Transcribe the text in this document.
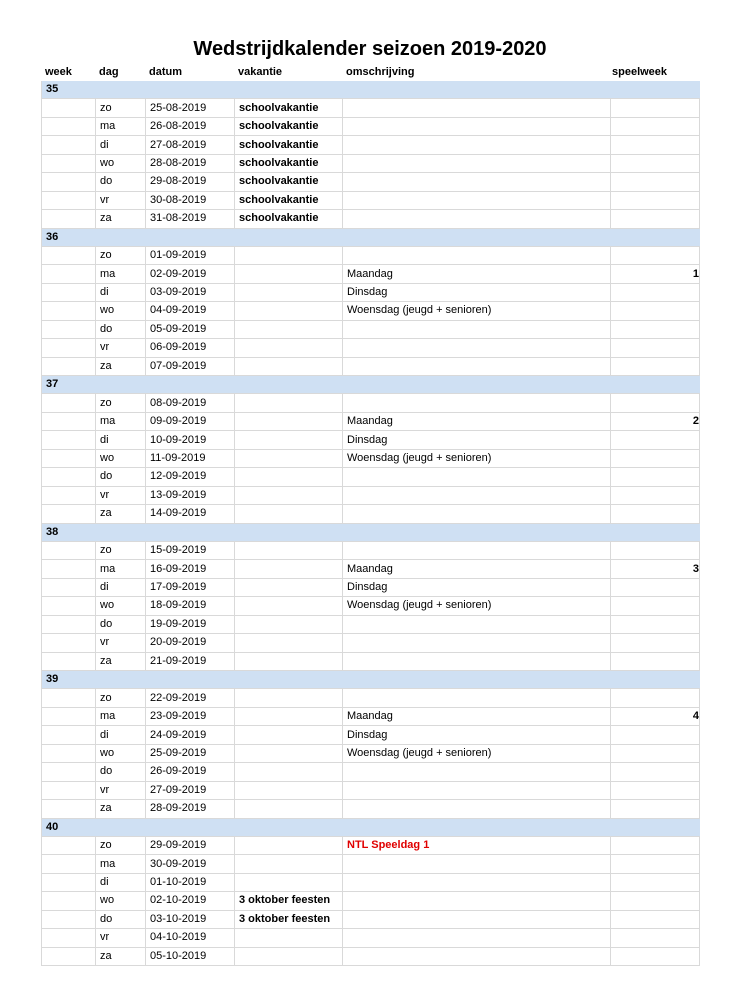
Wedstrijdkalender seizoen 2019-2020
week dag	datum	vakantie	omschrijving	speelweek
35					
	zo	25-08-2019	schoolvakantie		
	ma	26-08-2019	schoolvakantie		
	di	27-08-2019	schoolvakantie		
	wo	28-08-2019	schoolvakantie		
	do	29-08-2019	schoolvakantie		
	vr	30-08-2019	schoolvakantie		
	za	31-08-2019	schoolvakantie		
36					
	zo	01-09-2019			
	ma	02-09-2019		Maandag	1
	di	03-09-2019		Dinsdag	
	wo	04-09-2019		Woensdag (jeugd + senioren)	
	do	05-09-2019			
	vr	06-09-2019			
	za	07-09-2019			
37					
	zo	08-09-2019			
	ma	09-09-2019		Maandag	2
	di	10-09-2019		Dinsdag	
	wo	11-09-2019		Woensdag (jeugd + senioren)	
	do	12-09-2019			
	vr	13-09-2019			
	za	14-09-2019			
38					
	zo	15-09-2019			
	ma	16-09-2019		Maandag	3
	di	17-09-2019		Dinsdag	
	wo	18-09-2019		Woensdag (jeugd + senioren)	
	do	19-09-2019			
	vr	20-09-2019			
	za	21-09-2019			
39					
	zo	22-09-2019			
	ma	23-09-2019		Maandag	4
	di	24-09-2019		Dinsdag	
	wo	25-09-2019		Woensdag (jeugd + senioren)	
	do	26-09-2019			
	vr	27-09-2019			
	za	28-09-2019			
40					
	zo	29-09-2019		NTL Speeldag 1	
	ma	30-09-2019			
	di	01-10-2019			
	wo	02-10-2019	3 oktober feesten		
	do	03-10-2019	3 oktober feesten		
	vr	04-10-2019			
	za	05-10-2019			
